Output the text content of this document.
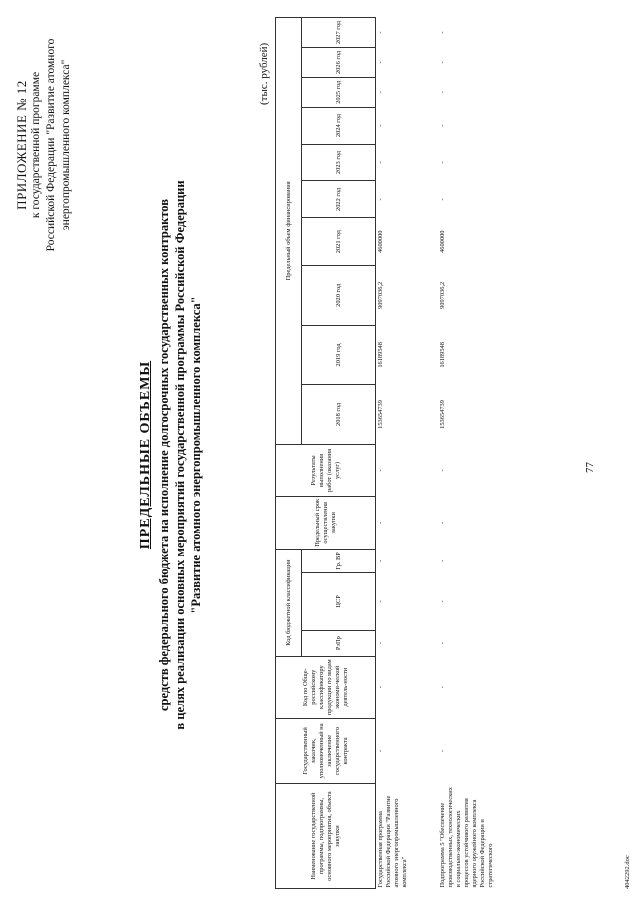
77
ПРИЛОЖЕНИЕ № 12 к государственной программе Российской Федерации "Развитие атомного энергопромышленного комплекса"
ПРЕДЕЛЬНЫЕ ОБЪЕМЫ средств федерального бюджета на исполнение долгосрочных государственных контрактов в целях реализации основных мероприятий государственной программы Российской Федерации "Развитие атомного энергопромышленного комплекса"
(тыс. рублей)
Наименование государственной программы, подпрограммы, основного мероприятия, объекта закупки	Государственный заказчик, уполномоченный на заключение государственного контракта	Код по Обще-российскому классификатору продукции по видам экономи-ческой деятель-ности	Код бюджетной классификации			Предельный срок осуществления закупки	Результаты выполнения работ (оказания услуг)	Предельный объем финансирования									
			РзПр	ЦСР	Гр. ВР			2018 год	2019 год	2020 год	2021 год	2022 год	2023 год	2024 год	2025 год	2026 год	2027 год

Государственная программа Российской Федерации "Развитие атомного энергопромышленного комплекса"	-	-	-	-	-	-	-	153654739	16189548	9097036,2	4600000	-	-	-	-	-	-
Подпрограмма 5 "Обеспечение производственных, технологических и социально-экономических процессов устойчивого развития ядерного оружейного комплекса Российской Федерации и стратегического	-	-	-	-	-	-	-	153654739	16189548	9097036,2	4600000	-	-	-	-	-	-
4042292.doc
